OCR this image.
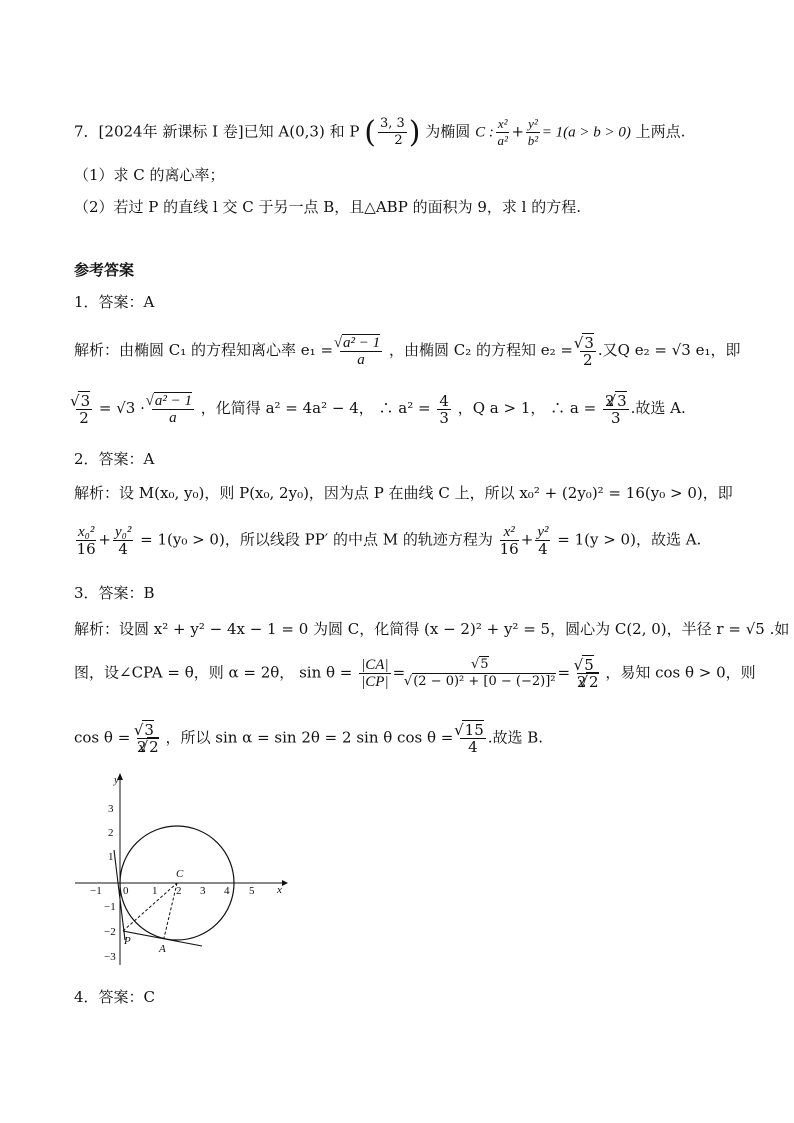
7．[2024年 新课标 I 卷]已知 A(0,3) 和 P ( $\frac{3, 3}{2}$ ) 为椭圆 C : $\frac{\text{x²}}{\text{a²}} + \frac{\text{y²}}{\text{b²}} = 1(a > b > 0)$ 上两点.
（1）求 C 的离心率；
（2）若过 P 的直线 l 交 C 于另一点 B，且△ABP 的面积为 9，求 l 的方程.
参考答案
1．答案：A
解析：由椭圆 C₁ 的方程知离心率 e₁ = √ $\frac{\text{a² − 1}}{a}$ ，由椭圆 C₂ 的方程知 e₂ = √ $\frac{3}{2}$ .又Q e₂ = √3 e₁，即
√ $\frac{3}{2} = √3$ · √ $\frac{\text{a² − 1}}{a}$ ，化简得 a² = 4a² − 4， ∴ $a^2 = \frac{4}{3}$ ，Q a > 1， ∴ $a = \frac{2 √ 3}{3}$ .故选 A.
2．答案：A
解析：设 M(x₀, y₀)，则 P(x₀, 2y₀)，因为点 P 在曲线 C 上，所以 x₀² + (2y₀)² = 16(y₀ > 0)，即
$\frac{\text{x₀²}}{16} + \frac{\text{y₀²}}{4} = 1(y_0 > 0)$，所以线段 PP′ 的中点 M 的轨迹方程为 $\frac{\text{x²}}{16} + \frac{\text{y²}}{4} = 1(y > 0)$，故选 A.
3．答案：B
解析：设圆 x² + y² − 4x − 1 = 0 为圆 C，化简得 (x − 2)² + y² = 5，圆心为 C(2, 0)，半径 r = √5 .如
图，设∠CPA = θ，则 α = 2θ， $\sin \theta = \frac{|CA|}{|CP|}$ = √ 5
√ (2 − 0)² + [0 − (−2)]² = √ $\frac{5}{2 √ 2}$ ，易知 cos θ > 0，则
cos θ = √ $\frac{3}{2 √ 2}$ ，所以 sin α = sin 2θ = 2 sin θ cos θ = √ $\frac{15}{4}$ .故选 B.
x
y
−1 0 1 2 3 4 5
3
2
1
−1
−2
−3
C
P
A
4．答案：C
